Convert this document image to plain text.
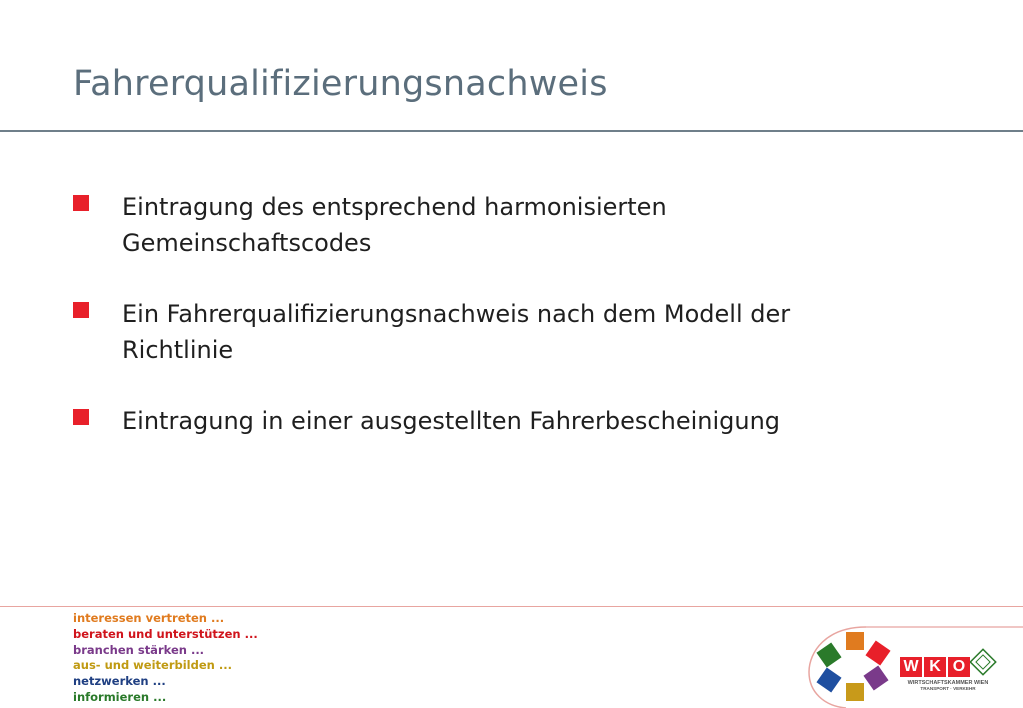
Fahrerqualifizierungsnachweis
Eintragung des entsprechend harmonisierten Gemeinschaftscodes
Ein Fahrerqualifizierungsnachweis nach dem Modell der Richtlinie
Eintragung in einer ausgestellten Fahrerbescheinigung
interessen vertreten ...
beraten und unterstützen ...
branchen stärken ...
aus- und weiterbilden ...
netzwerken ...
informieren ...
W K O
WIRTSCHAFTSKAMMER WIEN
TRANSPORT · VERKEHR
